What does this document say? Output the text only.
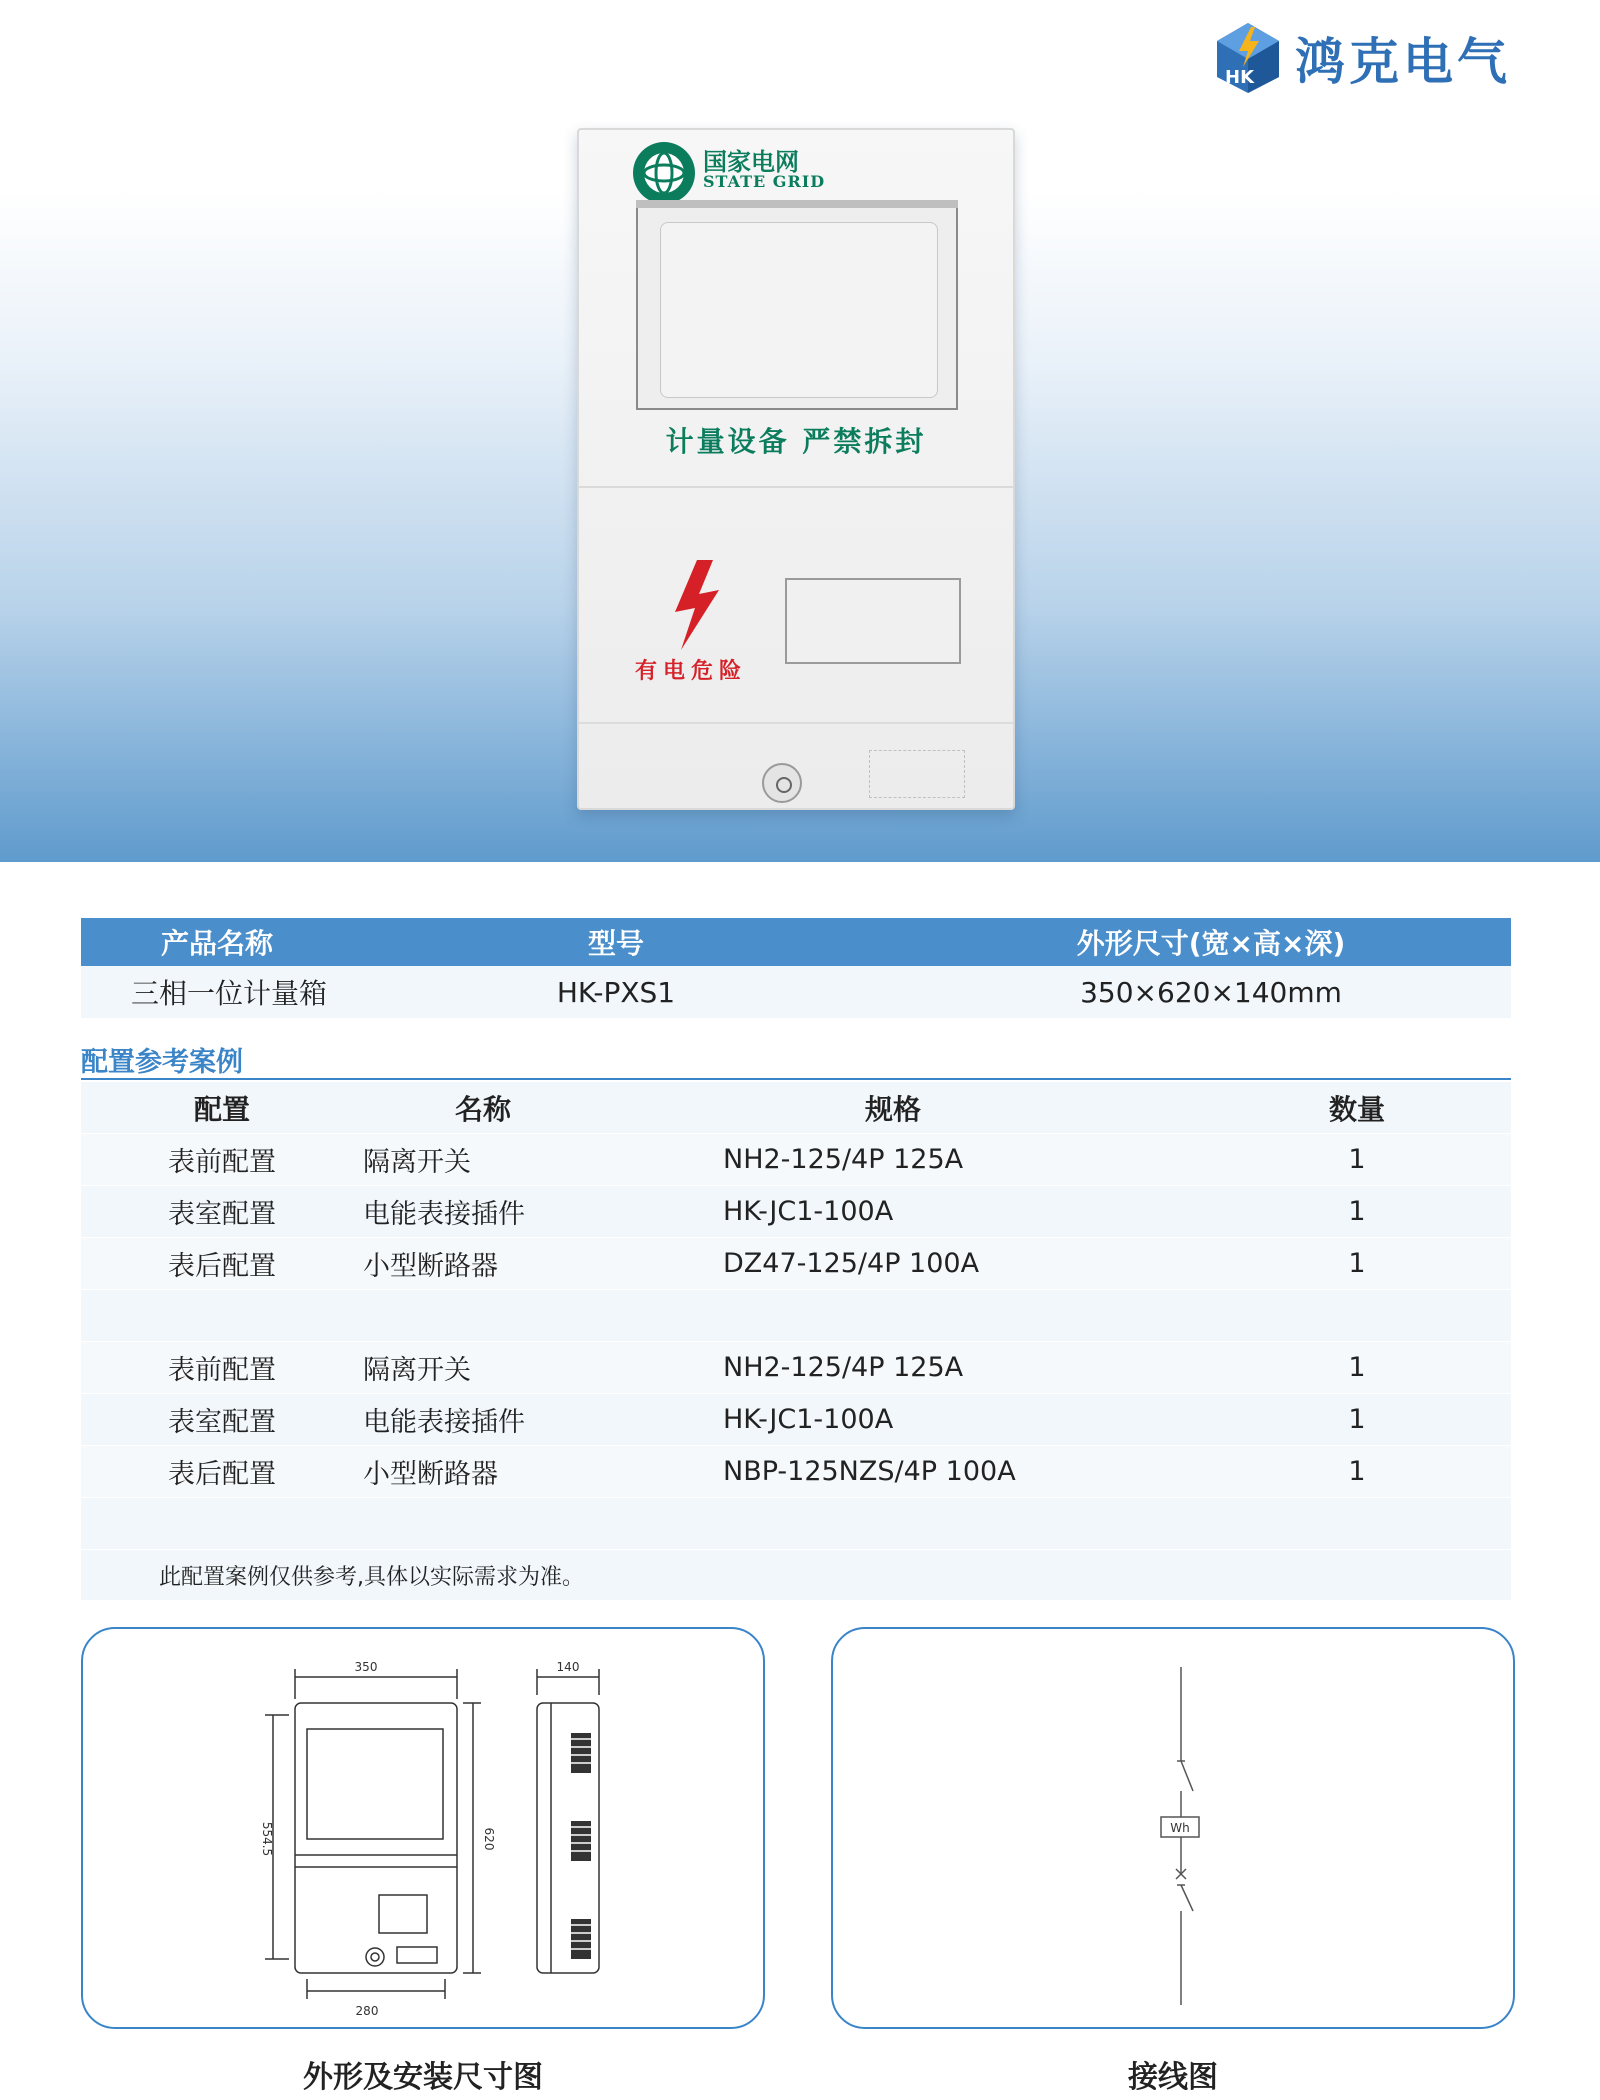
HK 鸿克电气
国家电网
STATE GRID
计量设备 严禁拆封
有电危险
产品名称	型号	外形尺寸(宽×高×深)
三相一位计量箱	HK-PXS1	350×620×140mm
配置参考案例
配置	名称	规格	数量
表前配置	隔离开关	NH2-125/4P 125A	1
表室配置	电能表接插件	HK-JC1-100A	1
表后配置	小型断路器	DZ47-125/4P 100A	1
表前配置	隔离开关	NH2-125/4P 125A	1
表室配置	电能表接插件	HK-JC1-100A	1
表后配置	小型断路器	NBP-125NZS/4P 100A	1
此配置案例仅供参考,具体以实际需求为准。
350	140
280
554.5	620
外形及安装尺寸图
Wh
接线图
